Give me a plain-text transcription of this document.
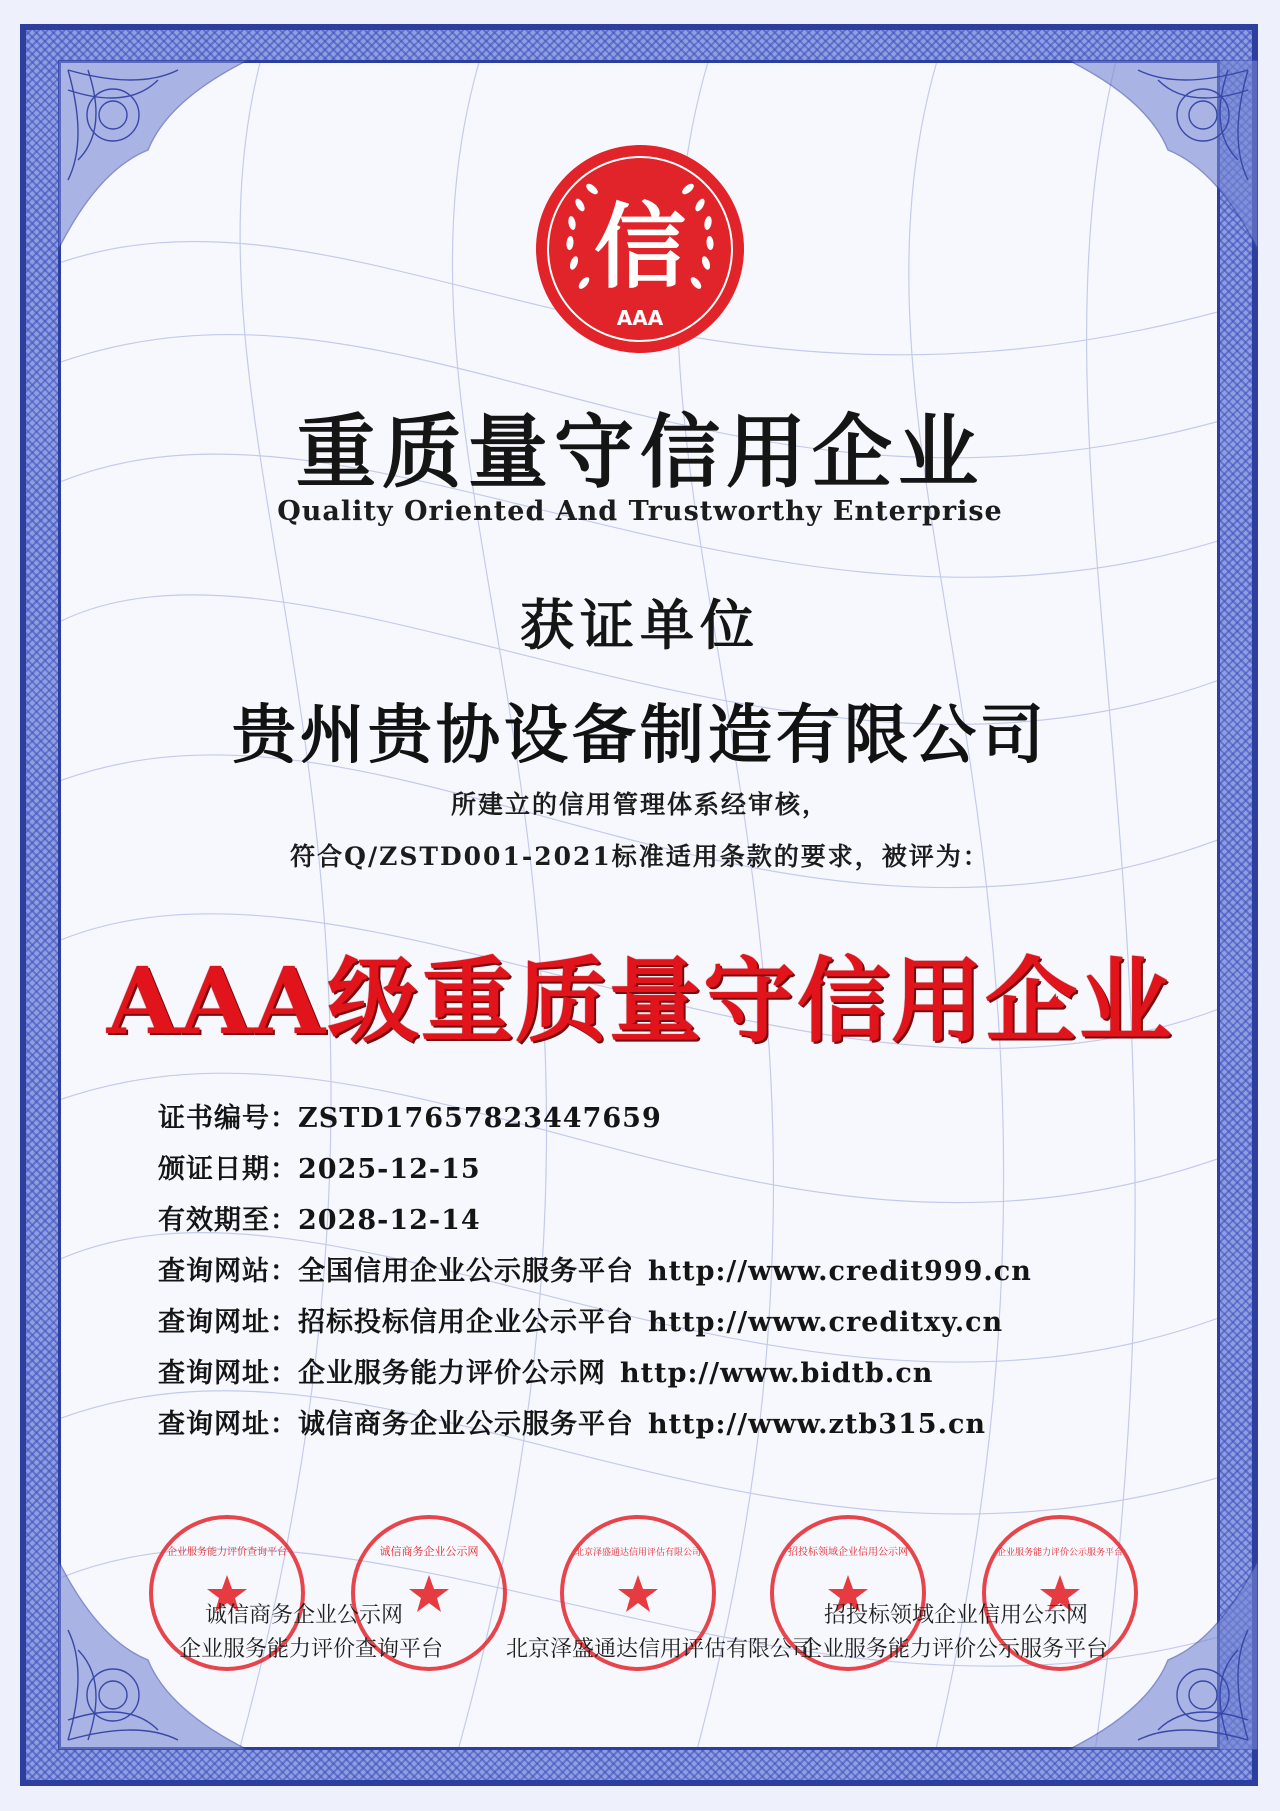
信
AAA
重质量守信用企业
Quality Oriented And Trustworthy Enterprise
获证单位
贵州贵协设备制造有限公司
所建立的信用管理体系经审核，
符合Q/ZSTD001-2021标准适用条款的要求，被评为：
AAA级重质量守信用企业
证书编号：ZSTD17657823447659
颁证日期：2025-12-15
有效期至：2028-12-14
查询网站：全国信用企业公示服务平台 http://www.credit999.cn
查询网址：招标投标信用企业公示平台 http://www.creditxy.cn
查询网址：企业服务能力评价公示网 http://www.bidtb.cn
查询网址：诚信商务企业公示服务平台 http://www.ztb315.cn
企业服务能力评价查询平台	诚信商务企业公示网	北京泽盛通达信用评估有限公司	招投标领域企业信用公示网	企业服务能力评价公示服务平台
诚信商务企业公示网
企业服务能力评价查询平台	北京泽盛通达信用评估有限公司
招投标领域企业信用公示网
企业服务能力评价公示服务平台
